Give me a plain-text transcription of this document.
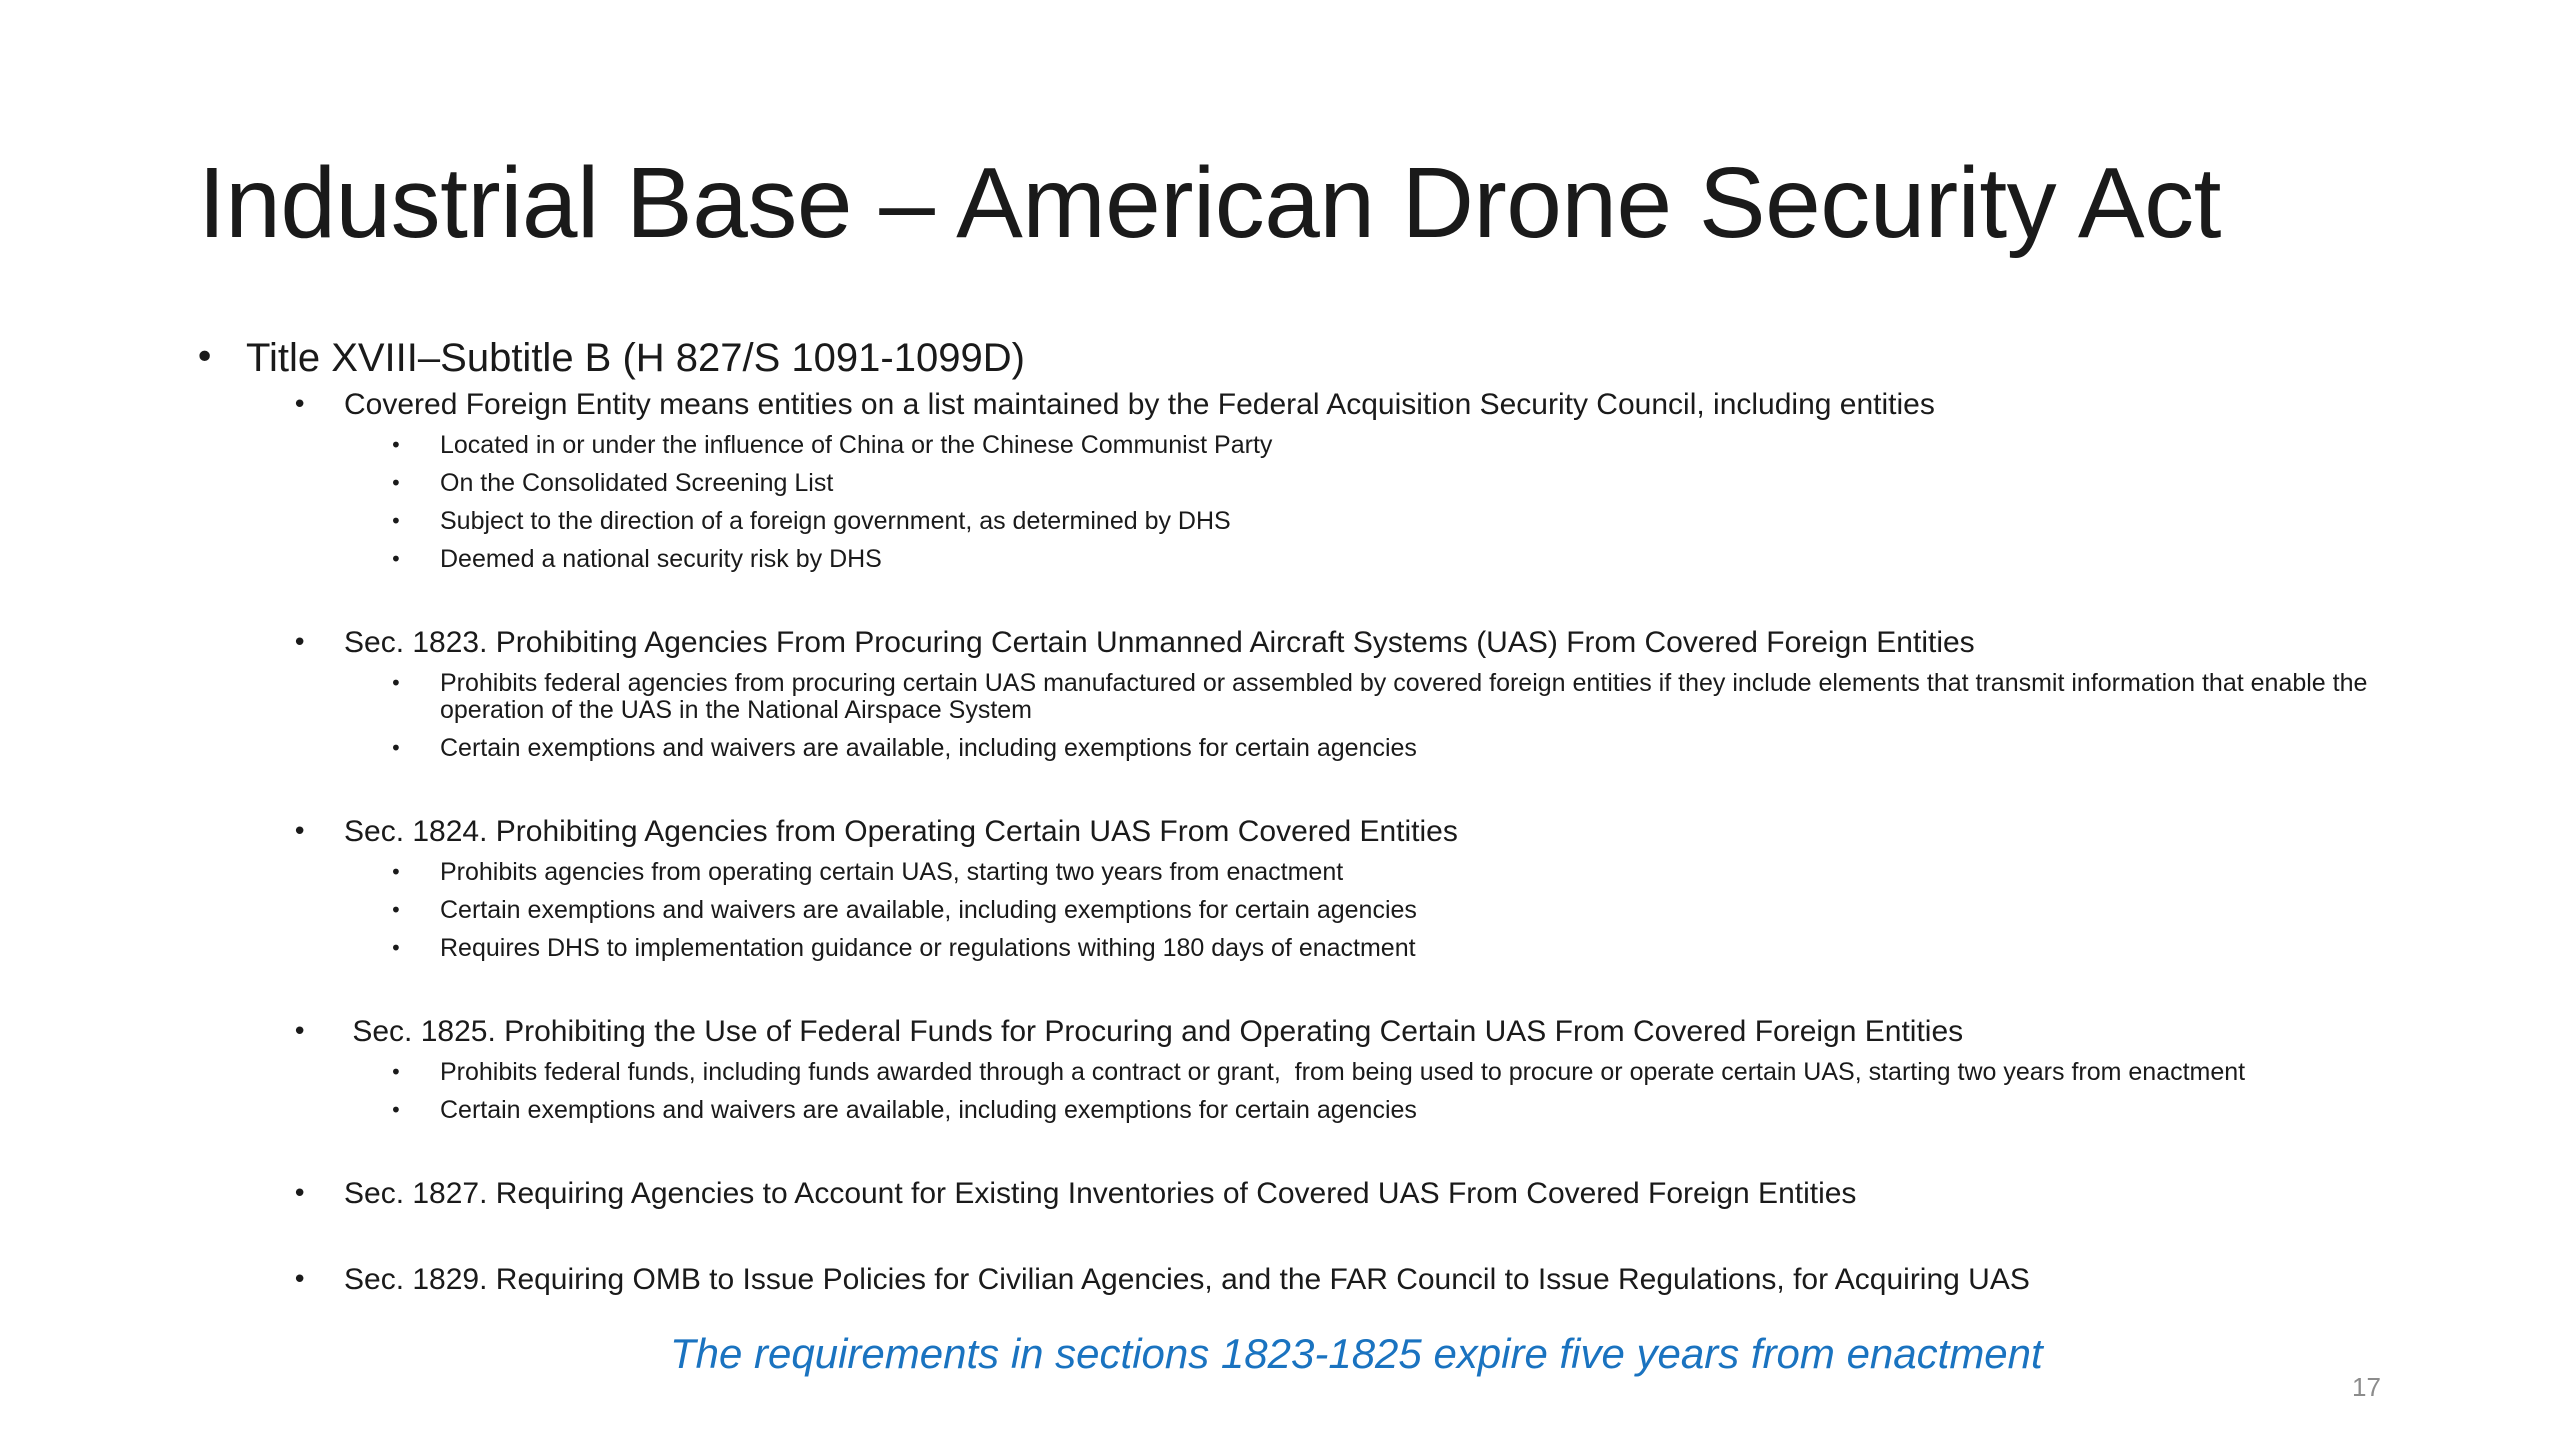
Industrial Base – American Drone Security Act
• Title XVIII–Subtitle B (H 827/S 1091-1099D)
• Covered Foreign Entity means entities on a list maintained by the Federal Acquisition Security Council, including entities
• Located in or under the influence of China or the Chinese Communist Party
• On the Consolidated Screening List
• Subject to the direction of a foreign government, as determined by DHS
• Deemed a national security risk by DHS
• Sec. 1823. Prohibiting Agencies From Procuring Certain Unmanned Aircraft Systems (UAS) From Covered Foreign Entities
• Prohibits federal agencies from procuring certain UAS manufactured or assembled by covered foreign entities if they include elements that transmit information that enable the operation of the UAS in the National Airspace System
• Certain exemptions and waivers are available, including exemptions for certain agencies
• Sec. 1824. Prohibiting Agencies from Operating Certain UAS From Covered Entities
• Prohibits agencies from operating certain UAS, starting two years from enactment
• Certain exemptions and waivers are available, including exemptions for certain agencies
• Requires DHS to implementation guidance or regulations withing 180 days of enactment
• Sec. 1825. Prohibiting the Use of Federal Funds for Procuring and Operating Certain UAS From Covered Foreign Entities
• Prohibits federal funds, including funds awarded through a contract or grant,  from being used to procure or operate certain UAS, starting two years from enactment
• Certain exemptions and waivers are available, including exemptions for certain agencies
• Sec. 1827. Requiring Agencies to Account for Existing Inventories of Covered UAS From Covered Foreign Entities
• Sec. 1829. Requiring OMB to Issue Policies for Civilian Agencies, and the FAR Council to Issue Regulations, for Acquiring UAS
The requirements in sections 1823-1825 expire five years from enactment
17
